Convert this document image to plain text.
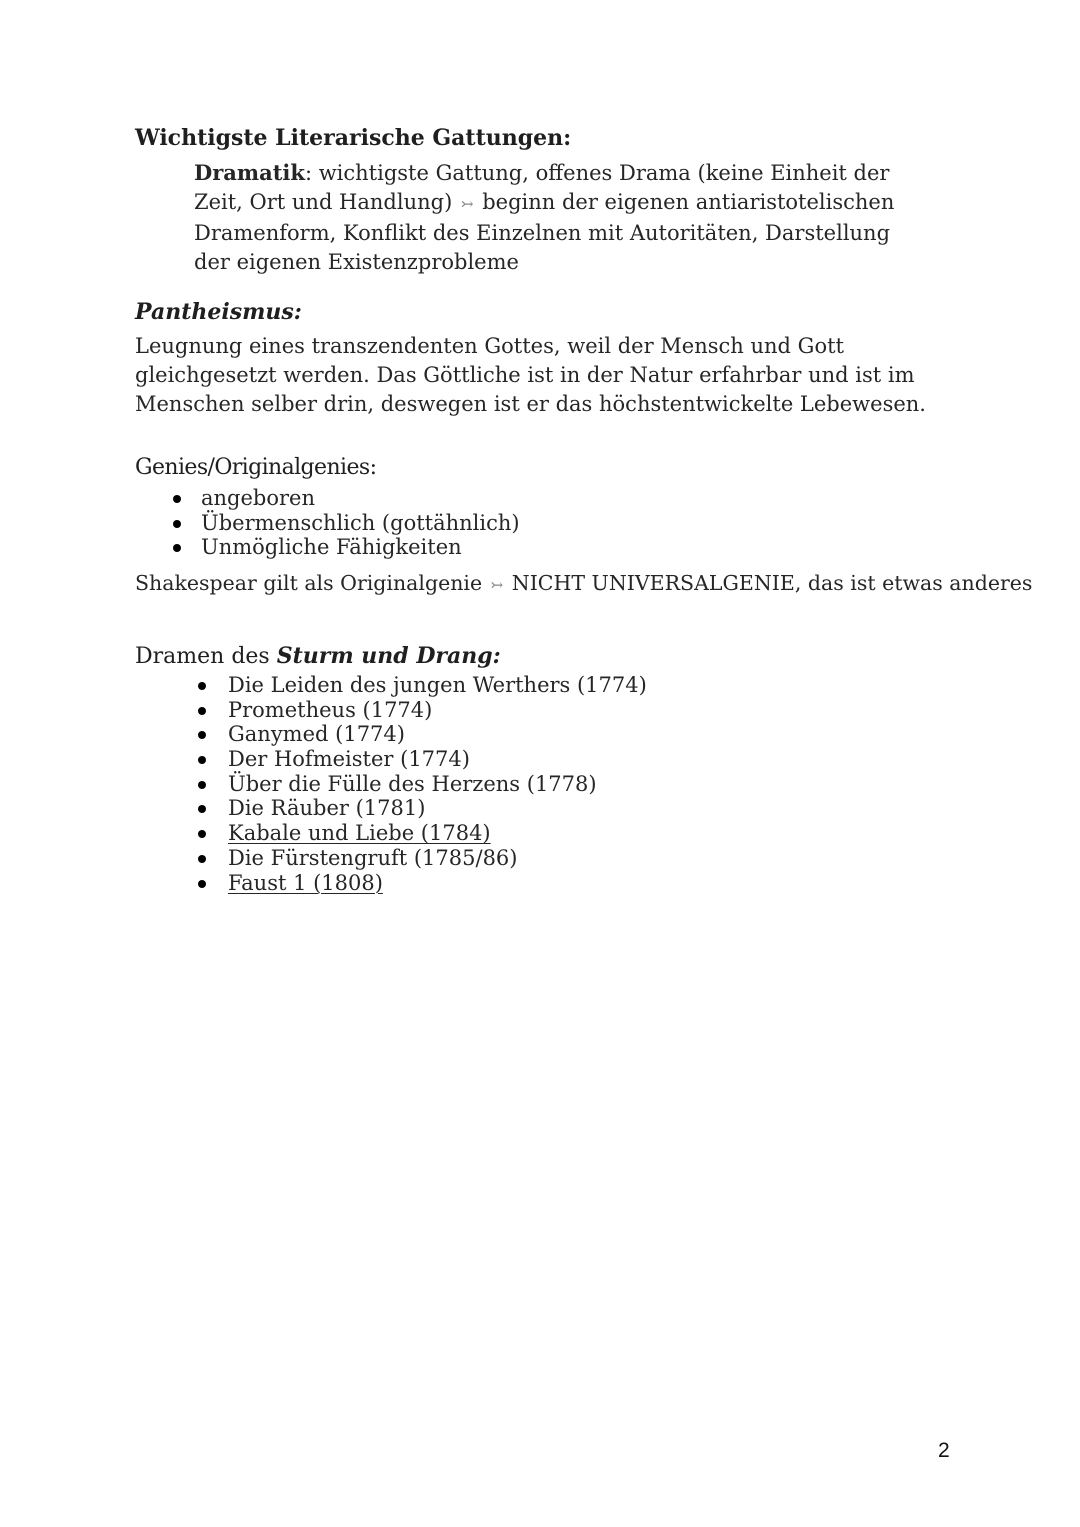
Wichtigste Literarische Gattungen:
Dramatik: wichtigste Gattung, offenes Drama (keine Einheit der Zeit, Ort und Handlung) ↣ beginn der eigenen antiaristotelischen Dramenform, Konflikt des Einzelnen mit Autoritäten, Darstellung der eigenen Existenzprobleme
Pantheismus:
Leugnung eines transzendenten Gottes, weil der Mensch und Gott gleichgesetzt werden. Das Göttliche ist in der Natur erfahrbar und ist im Menschen selber drin, deswegen ist er das höchstentwickelte Lebewesen.
Genies/Originalgenies:
angeboren
Übermenschlich (gottähnlich)
Unmögliche Fähigkeiten
Shakespear gilt als Originalgenie ↣ NICHT UNIVERSALGENIE, das ist etwas anderes
Dramen des Sturm und Drang:
Die Leiden des jungen Werthers (1774)
Prometheus (1774)
Ganymed (1774)
Der Hofmeister (1774)
Über die Fülle des Herzens (1778)
Die Räuber (1781)
Kabale und Liebe (1784)
Die Fürstengruft (1785/86)
Faust 1 (1808)
2
